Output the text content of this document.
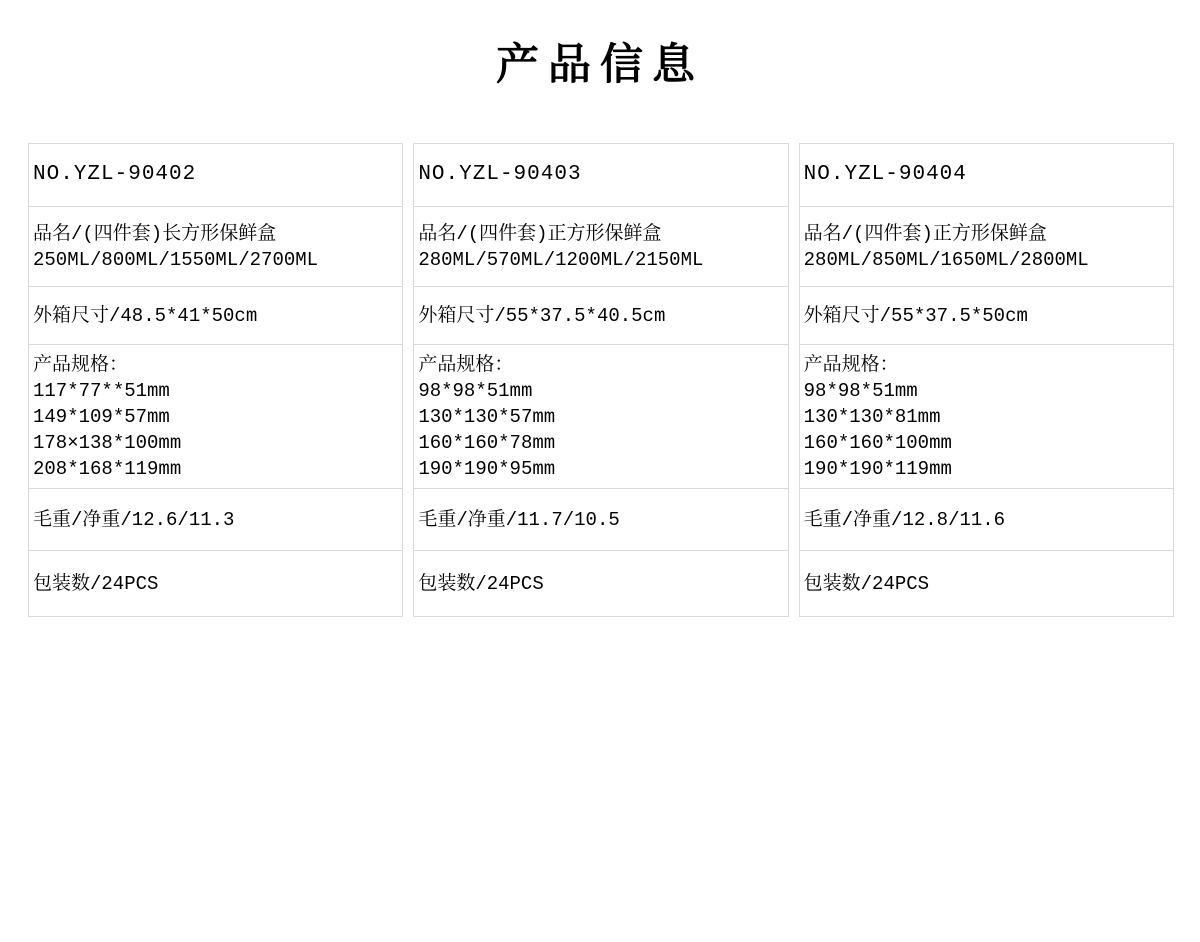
产品信息
NO.YZL-90402
品名/(四件套)长方形保鲜盒
250ML/800ML/1550ML/2700ML
外箱尺寸/48.5*41*50cm
产品规格：
117*77**51mm
149*109*57mm
178×138*100mm
208*168*119mm
毛重/净重/12.6/11.3
包装数/24PCS
NO.YZL-90403
品名/(四件套)正方形保鲜盒
280ML/570ML/1200ML/2150ML
外箱尺寸/55*37.5*40.5cm
产品规格：
98*98*51mm
130*130*57mm
160*160*78mm
190*190*95mm
毛重/净重/11.7/10.5
包装数/24PCS
NO.YZL-90404
品名/(四件套)正方形保鲜盒
280ML/850ML/1650ML/2800ML
外箱尺寸/55*37.5*50cm
产品规格：
98*98*51mm
130*130*81mm
160*160*100mm
190*190*119mm
毛重/净重/12.8/11.6
包装数/24PCS
